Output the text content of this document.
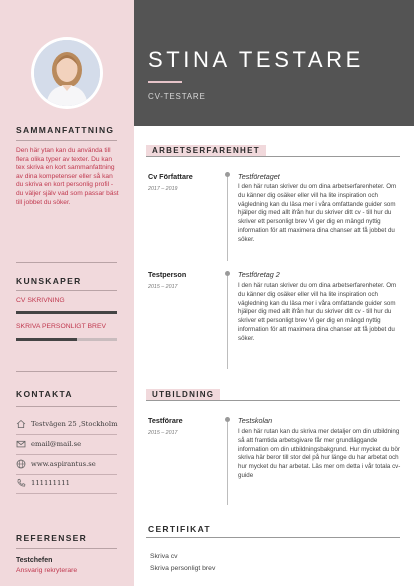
SAMMANFATTNING
Den här ytan kan du använda till flera olika typer av texter. Du kan tex skriva en kort sammanfattning av dina kompetenser eller så kan du skriva en kort personlig profil - du väljer själv vad som passar bäst till jobbet du söker.
KUNSKAPER
CV SKRIVNING
SKRIVA PERSONLIGT BREV
KONTAKTA
Testvägen 25 ,Stockholm
email@mail.se
www.aspirantus.se
111111111
REFERENSER
Testchefen
Ansvarig rekryterare
STINA TESTARE
CV-TESTARE
ARBETSERFARENHET
Cv Författare
2017 – 2019
Testföretaget
I den här rutan skriver du om dina arbetserfarenheter. Om du känner dig osäker eller vill ha lite inspiration och vägledning kan du läsa mer i våra omfattande guider som hjälper dig med allt ifrån hur du skriver ditt cv - till hur du skriver ett personligt brev Vi ger dig en mängd nyttig information för att maximera dina chanser att få jobbet du söker.
Testperson
2015 – 2017
Testföretag 2
I den här rutan skriver du om dina arbetserfarenheter. Om du känner dig osäker eller vill ha lite inspiration och vägledning kan du läsa mer i våra omfattande guider som hjälper dig med allt ifrån hur du skriver ditt cv - till hur du skriver ett personligt brev Vi ger dig en mängd nyttig information för att maximera dina chanser att få jobbet du söker.
UTBILDNING
Testförare
2015 – 2017
Testskolan
I den här rutan kan du skriva mer detaljer om din utbildning så att framtida arbetsgivare får mer grundläggande information om din utbildningsbakgrund. Hur mycket du bör skriva här beror till stor del på hur länge du har arbetat och hur mycket du har arbetat. Läs mer om detta i vår totala cv-guide
CERTIFIKAT
Skriva cv
Skriva personligt brev
